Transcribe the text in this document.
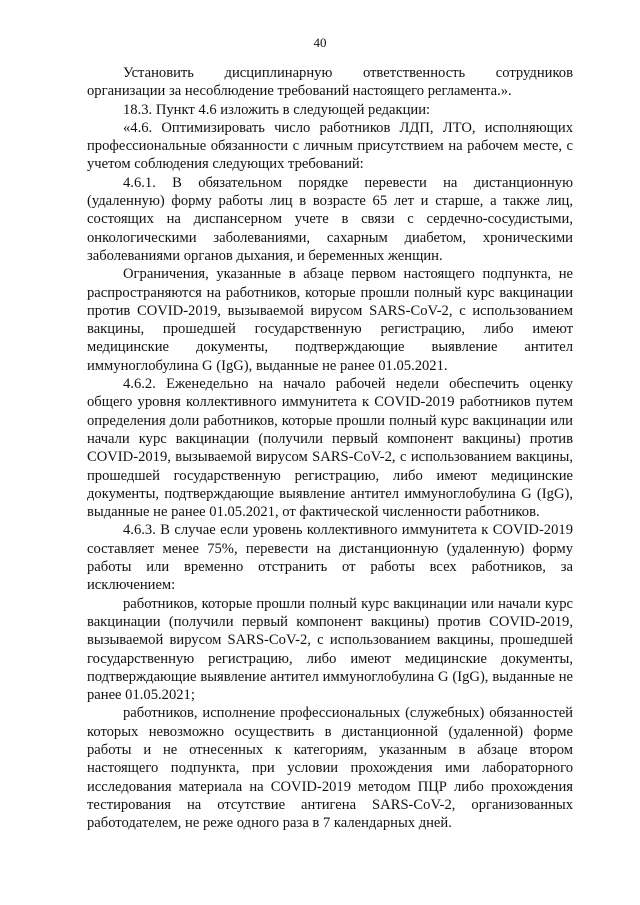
40

Установить дисциплинарную ответственность сотрудников организации за несоблюдение требований настоящего регламента.».

18.3. Пункт 4.6 изложить в следующей редакции:

«4.6. Оптимизировать число работников ЛДП, ЛТО, исполняющих профессиональные обязанности с личным присутствием на рабочем месте, с учетом соблюдения следующих требований:

4.6.1. В обязательном порядке перевести на дистанционную (удаленную) форму работы лиц в возрасте 65 лет и старше, а также лиц, состоящих на диспансерном учете в связи с сердечно-сосудистыми, онкологическими заболеваниями, сахарным диабетом, хроническими заболеваниями органов дыхания, и беременных женщин.

Ограничения, указанные в абзаце первом настоящего подпункта, не распространяются на работников, которые прошли полный курс вакцинации против COVID-2019, вызываемой вирусом SARS-CoV-2, с использованием вакцины, прошедшей государственную регистрацию, либо имеют медицинские документы, подтверждающие выявление антител иммуноглобулина G (IgG), выданные не ранее 01.05.2021.

4.6.2. Еженедельно на начало рабочей недели обеспечить оценку общего уровня коллективного иммунитета к COVID-2019 работников путем определения доли работников, которые прошли полный курс вакцинации или начали курс вакцинации (получили первый компонент вакцины) против COVID-2019, вызываемой вирусом SARS-CoV-2, с использованием вакцины, прошедшей государственную регистрацию, либо имеют медицинские документы, подтверждающие выявление антител иммуноглобулина G (IgG), выданные не ранее 01.05.2021, от фактической численности работников.

4.6.3. В случае если уровень коллективного иммунитета к COVID-2019 составляет менее 75%, перевести на дистанционную (удаленную) форму работы или временно отстранить от работы всех работников, за исключением:

работников, которые прошли полный курс вакцинации или начали курс вакцинации (получили первый компонент вакцины) против COVID-2019, вызываемой вирусом SARS-CoV-2, с использованием вакцины, прошедшей государственную регистрацию, либо имеют медицинские документы, подтверждающие выявление антител иммуноглобулина G (IgG), выданные не ранее 01.05.2021;

работников, исполнение профессиональных (служебных) обязанностей которых невозможно осуществить в дистанционной (удаленной) форме работы и не отнесенных к категориям, указанным в абзаце втором настоящего подпункта, при условии прохождения ими лабораторного исследования материала на COVID-2019 методом ПЦР либо прохождения тестирования на отсутствие антигена SARS-CoV-2, организованных работодателем, не реже одного раза в 7 календарных дней.
